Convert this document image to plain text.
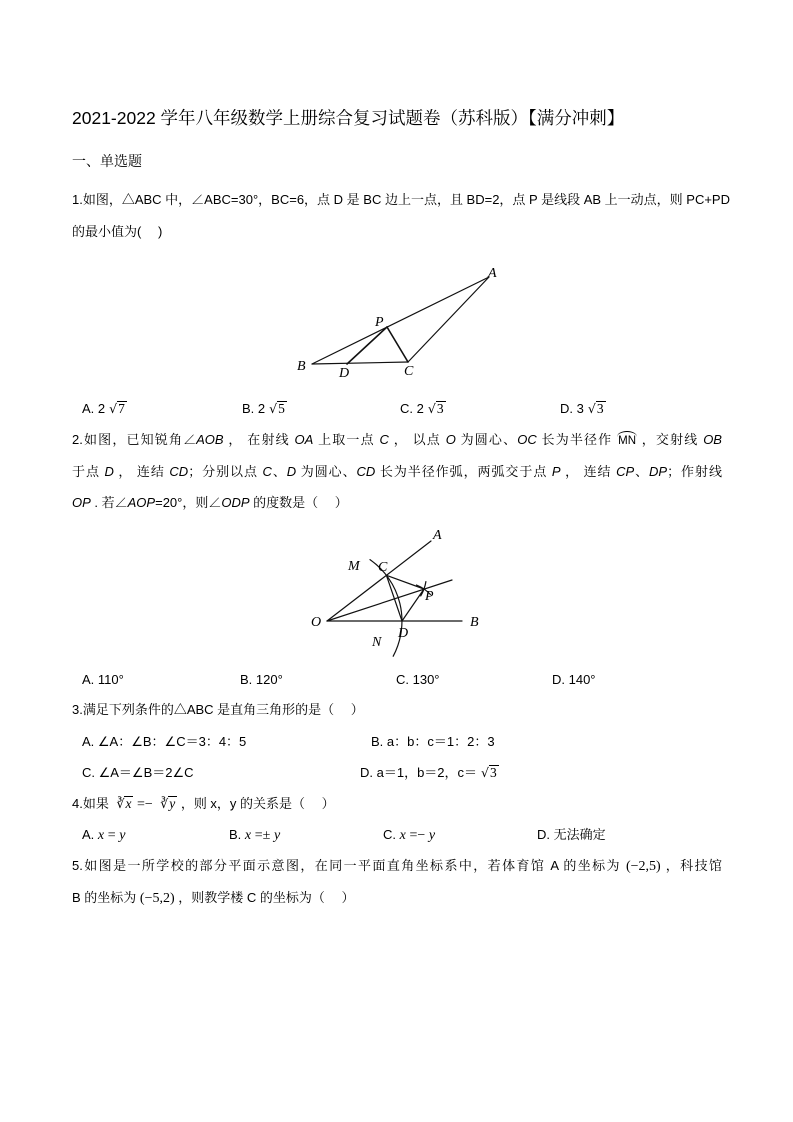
2021-2022 学年八年级数学上册综合复习试题卷（苏科版）【满分冲刺】
一、单选题
1.如图，△ABC 中，∠ABC=30°，BC=6，点 D 是 BC 边上一点，且 BD=2，点 P 是线段 AB 上一动点，则 PC+PD
的最小值为(　 )
A
B	C
D
P
A. 2 √7	B. 2 √5	C. 2 √3	D. 3 √3
2.如图，已知锐角∠AOB ， 在射线 OA 上取一点 C ， 以点 O 为圆心、OC 长为半径作 MN ，交射线 OB
于点 D ， 连结 CD；分别以点 C、D 为圆心、CD 长为半径作弧，两弧交于点 P ， 连结 CP、DP；作射线
OP . 若∠AOP=20°，则∠ODP 的度数是（　 ）
O
A
B
M C
P
N
D
A. 110°	B. 120°	C. 130°	D. 140°
3.满足下列条件的△ABC 是直角三角形的是（　 ）
A. ∠A：∠B：∠C＝3：4：5	B. a：b：c＝1：2：3
C. ∠A＝∠B＝2∠C	D. a＝1，b＝2，c＝ √3
4.如果 ∛x =− ∛y ，则 x，y 的关系是（　 ）
A. x = y	B. x =± y	C. x =− y	D. 无法确定
5.如图是一所学校的部分平面示意图，在同一平面直角坐标系中，若体育馆 A 的坐标为 (−2,5) ，科技馆
B 的坐标为 (−5,2) ，则教学楼 C 的坐标为（　 ）
